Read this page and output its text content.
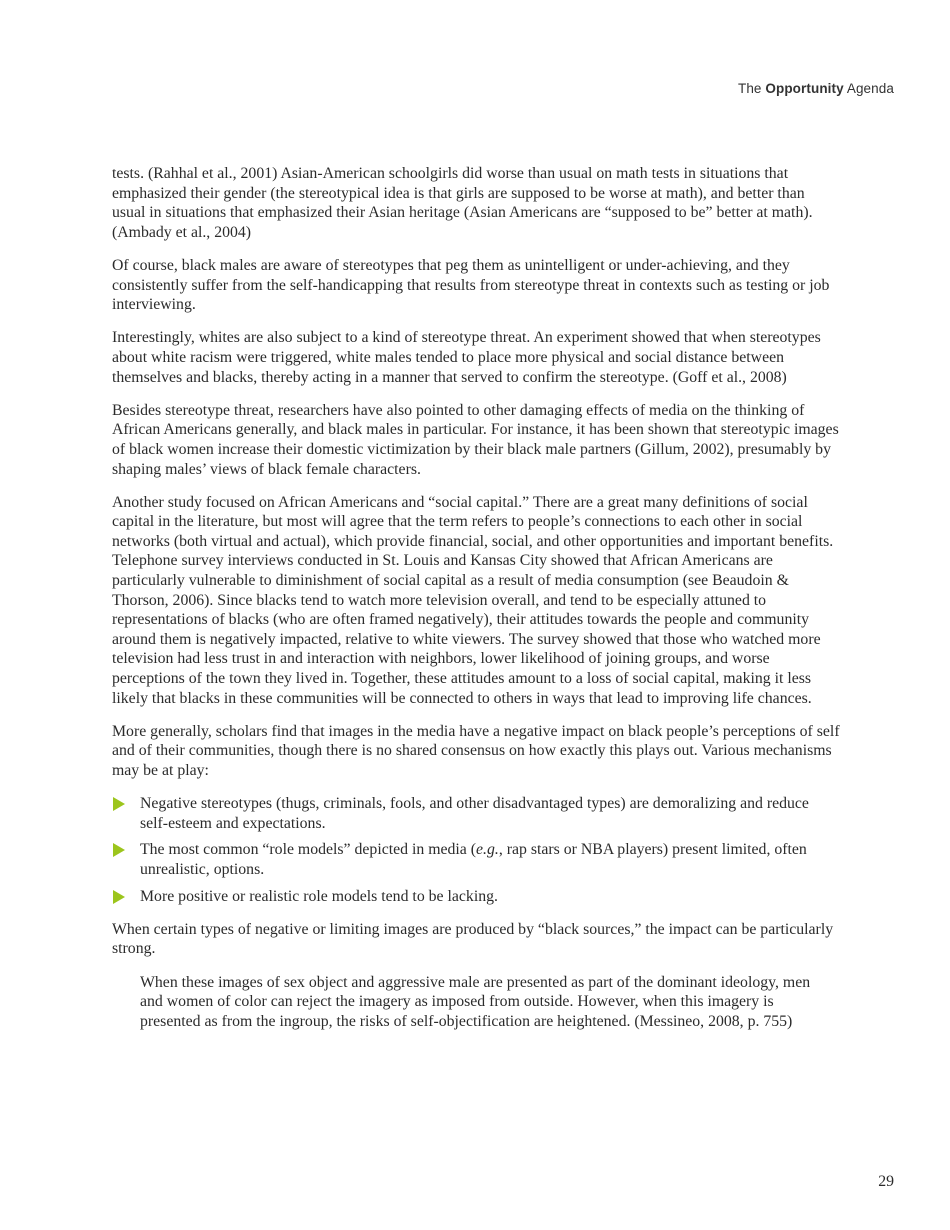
The Opportunity Agenda

tests. (Rahhal et al., 2001) Asian-American schoolgirls did worse than usual on math tests in situations that emphasized their gender (the stereotypical idea is that girls are supposed to be worse at math), and better than usual in situations that emphasized their Asian heritage (Asian Americans are “supposed to be” better at math). (Ambady et al., 2004)

Of course, black males are aware of stereotypes that peg them as unintelligent or under-achieving, and they consistently suffer from the self-handicapping that results from stereotype threat in contexts such as testing or job interviewing.

Interestingly, whites are also subject to a kind of stereotype threat. An experiment showed that when stereotypes about white racism were triggered, white males tended to place more physical and social distance between themselves and blacks, thereby acting in a manner that served to confirm the stereotype. (Goff et al., 2008)

Besides stereotype threat, researchers have also pointed to other damaging effects of media on the thinking of African Americans generally, and black males in particular. For instance, it has been shown that stereotypic images of black women increase their domestic victimization by their black male partners (Gillum, 2002), presumably by shaping males’ views of black female characters.

Another study focused on African Americans and “social capital.” There are a great many definitions of social capital in the literature, but most will agree that the term refers to people’s connections to each other in social networks (both virtual and actual), which provide financial, social, and other opportunities and important benefits. Telephone survey interviews conducted in St. Louis and Kansas City showed that African Americans are particularly vulnerable to diminishment of social capital as a result of media consumption (see Beaudoin & Thorson, 2006). Since blacks tend to watch more television overall, and tend to be especially attuned to representations of blacks (who are often framed negatively), their attitudes towards the people and community around them is negatively impacted, relative to white viewers. The survey showed that those who watched more television had less trust in and interaction with neighbors, lower likelihood of joining groups, and worse perceptions of the town they lived in. Together, these attitudes amount to a loss of social capital, making it less likely that blacks in these communities will be connected to others in ways that lead to improving life chances.

More generally, scholars find that images in the media have a negative impact on black people’s perceptions of self and of their communities, though there is no shared consensus on how exactly this plays out. Various mechanisms may be at play:

Negative stereotypes (thugs, criminals, fools, and other disadvantaged types) are demoralizing and reduce self-esteem and expectations.
The most common “role models” depicted in media (e.g., rap stars or NBA players) present limited, often unrealistic, options.
More positive or realistic role models tend to be lacking.

When certain types of negative or limiting images are produced by “black sources,” the impact can be particularly strong.

When these images of sex object and aggressive male are presented as part of the dominant ideology, men and women of color can reject the imagery as imposed from outside. However, when this imagery is presented as from the ingroup, the risks of self-objectification are heightened. (Messineo, 2008, p. 755)

29
